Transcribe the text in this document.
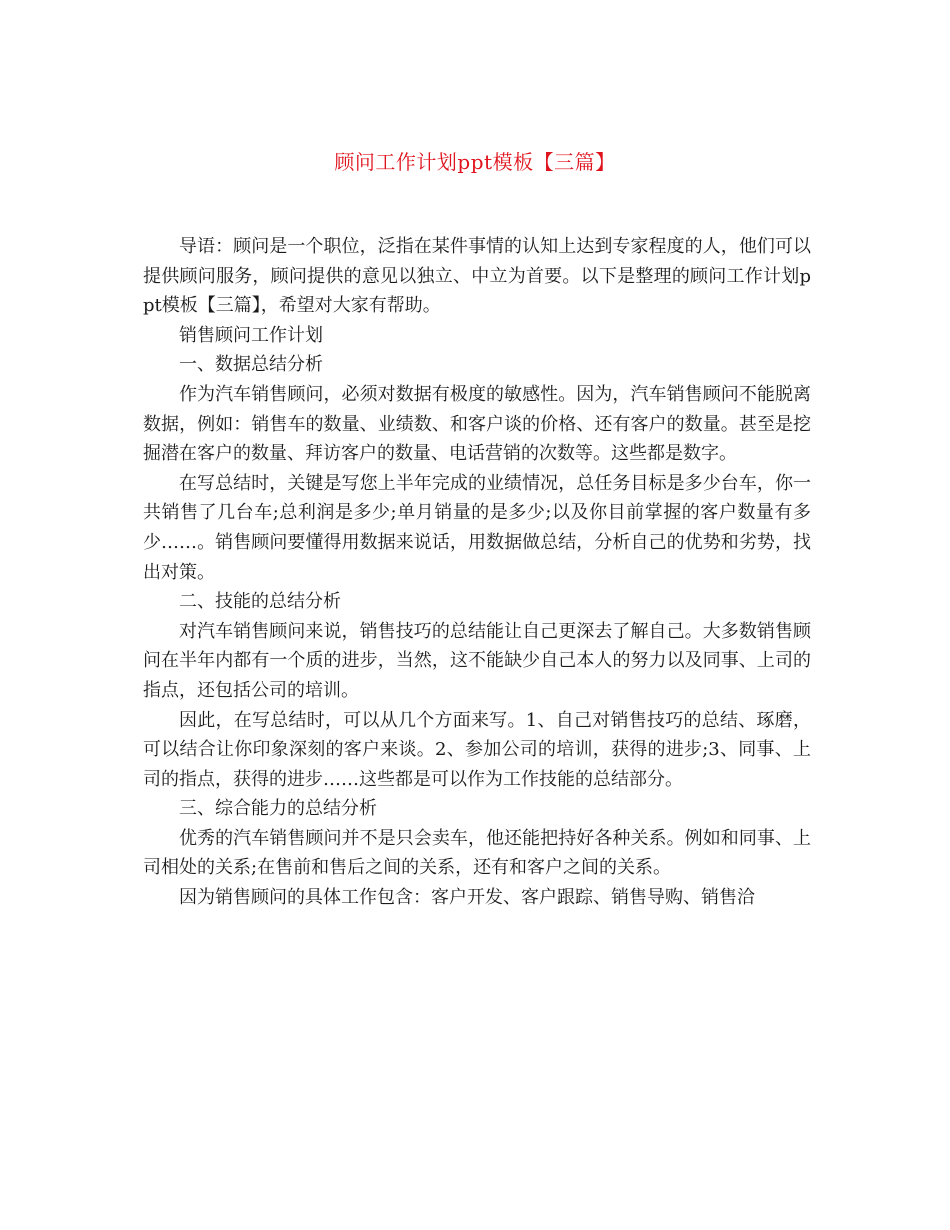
顾问工作计划ppt模板【三篇】

导语：顾问是一个职位，泛指在某件事情的认知上达到专家程度的人，他们可以提供顾问服务，顾问提供的意见以独立、中立为首要。以下是整理的顾问工作计划ppt模板【三篇】，希望对大家有帮助。

销售顾问工作计划

一、数据总结分析

作为汽车销售顾问，必须对数据有极度的敏感性。因为，汽车销售顾问不能脱离数据，例如：销售车的数量、业绩数、和客户谈的价格、还有客户的数量。甚至是挖掘潜在客户的数量、拜访客户的数量、电话营销的次数等。这些都是数字。

在写总结时，关键是写您上半年完成的业绩情况，总任务目标是多少台车，你一共销售了几台车;总利润是多少;单月销量的是多少;以及你目前掌握的客户数量有多少……。销售顾问要懂得用数据来说话，用数据做总结，分析自己的优势和劣势，找出对策。

二、技能的总结分析

对汽车销售顾问来说，销售技巧的总结能让自己更深去了解自己。大多数销售顾问在半年内都有一个质的进步，当然，这不能缺少自己本人的努力以及同事、上司的指点，还包括公司的培训。

因此，在写总结时，可以从几个方面来写。1、自己对销售技巧的总结、琢磨，可以结合让你印象深刻的客户来谈。2、参加公司的培训，获得的进步;3、同事、上司的指点，获得的进步……这些都是可以作为工作技能的总结部分。

三、综合能力的总结分析

优秀的汽车销售顾问并不是只会卖车，他还能把持好各种关系。例如和同事、上司相处的关系;在售前和售后之间的关系，还有和客户之间的关系。

因为销售顾问的具体工作包含：客户开发、客户跟踪、销售导购、销售洽
